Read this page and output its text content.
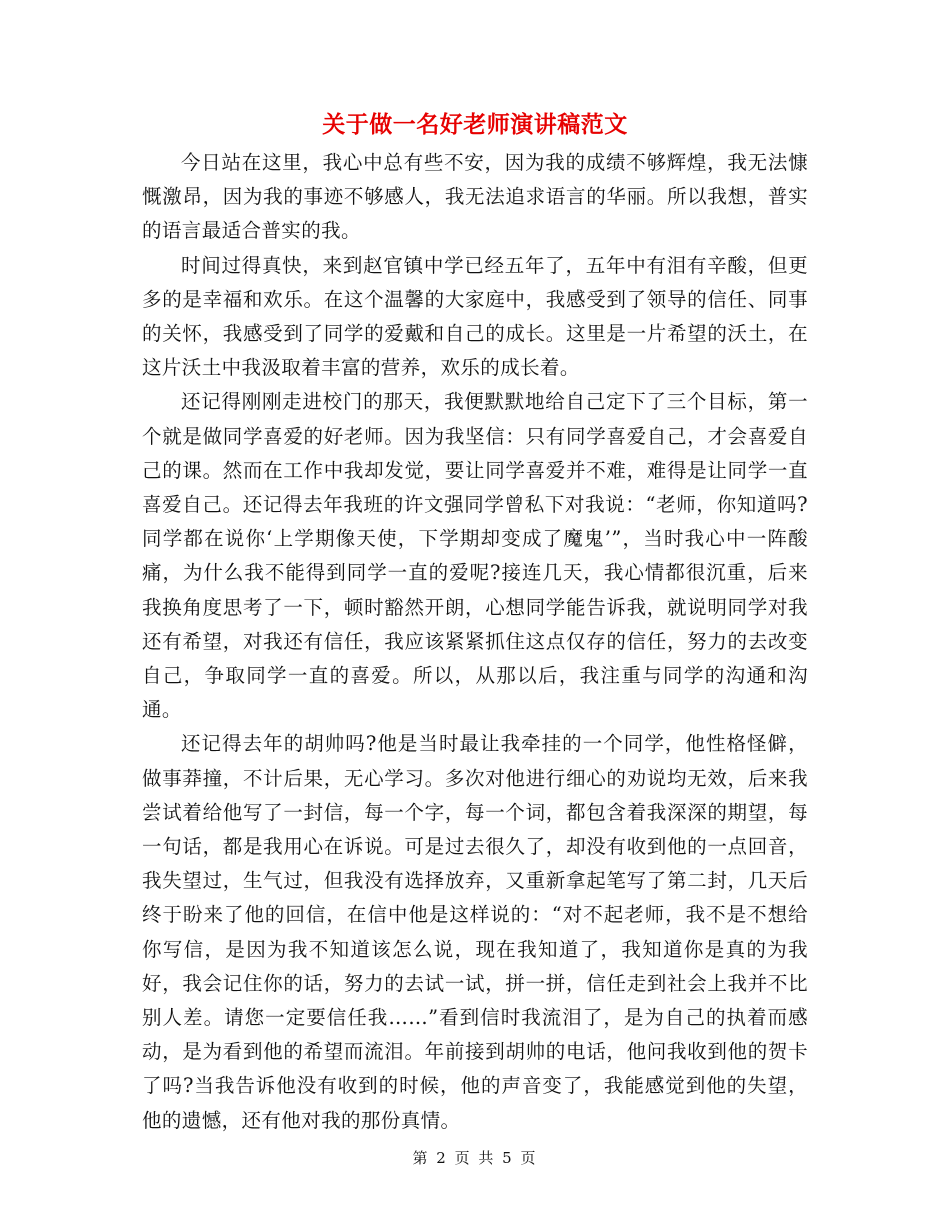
关于做一名好老师演讲稿范文

今日站在这里，我心中总有些不安，因为我的成绩不够辉煌，我无法慷慨激昂，因为我的事迹不够感人，我无法追求语言的华丽。所以我想，普实的语言最适合普实的我。

时间过得真快，来到赵官镇中学已经五年了，五年中有泪有辛酸，但更多的是幸福和欢乐。在这个温馨的大家庭中，我感受到了领导的信任、同事的关怀，我感受到了同学的爱戴和自己的成长。这里是一片希望的沃土，在这片沃土中我汲取着丰富的营养，欢乐的成长着。

还记得刚刚走进校门的那天，我便默默地给自己定下了三个目标，第一个就是做同学喜爱的好老师。因为我坚信：只有同学喜爱自己，才会喜爱自己的课。然而在工作中我却发觉，要让同学喜爱并不难，难得是让同学一直喜爱自己。还记得去年我班的许文强同学曾私下对我说：“老师，你知道吗?同学都在说你‘上学期像天使，下学期却变成了魔鬼’”，当时我心中一阵酸痛，为什么我不能得到同学一直的爱呢?接连几天，我心情都很沉重，后来我换角度思考了一下，顿时豁然开朗，心想同学能告诉我，就说明同学对我还有希望，对我还有信任，我应该紧紧抓住这点仅存的信任，努力的去改变自己，争取同学一直的喜爱。所以，从那以后，我注重与同学的沟通和沟通。

还记得去年的胡帅吗?他是当时最让我牵挂的一个同学，他性格怪僻，做事莽撞，不计后果，无心学习。多次对他进行细心的劝说均无效，后来我尝试着给他写了一封信，每一个字，每一个词，都包含着我深深的期望，每一句话，都是我用心在诉说。可是过去很久了，却没有收到他的一点回音，我失望过，生气过，但我没有选择放弃，又重新拿起笔写了第二封，几天后终于盼来了他的回信，在信中他是这样说的：“对不起老师，我不是不想给你写信，是因为我不知道该怎么说，现在我知道了，我知道你是真的为我好，我会记住你的话，努力的去试一试，拼一拼，信任走到社会上我并不比别人差。请您一定要信任我……”看到信时我流泪了，是为自己的执着而感动，是为看到他的希望而流泪。年前接到胡帅的电话，他问我收到他的贺卡了吗?当我告诉他没有收到的时候，他的声音变了，我能感觉到他的失望，他的遗憾，还有他对我的那份真情。

第 2 页 共 5 页
